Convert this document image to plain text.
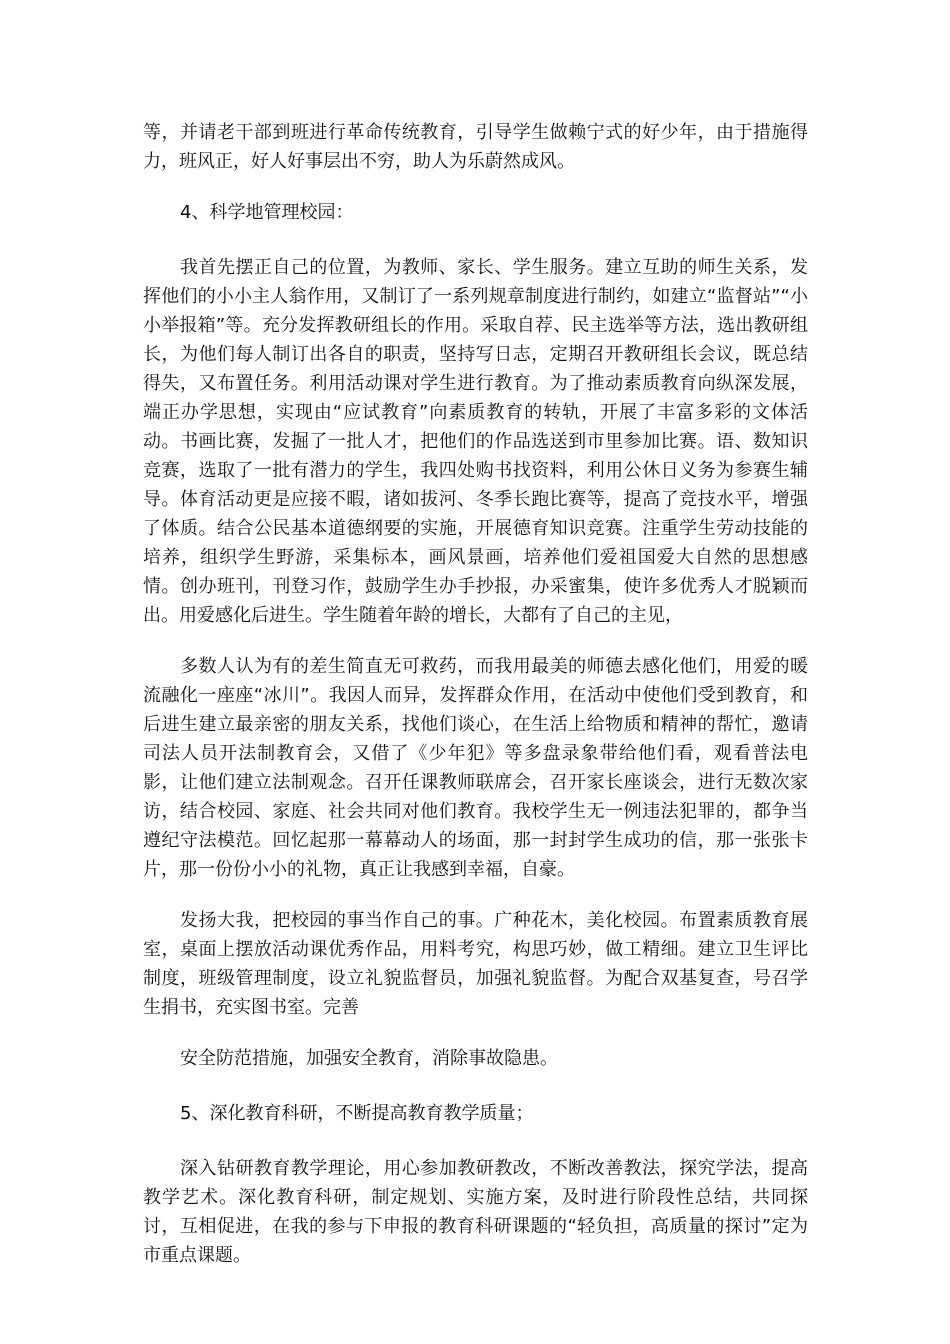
等，并请老干部到班进行革命传统教育，引导学生做赖宁式的好少年，由于措施得力，班风正，好人好事层出不穷，助人为乐蔚然成风。

4、科学地管理校园：

我首先摆正自己的位置，为教师、家长、学生服务。建立互助的师生关系，发挥他们的小小主人翁作用，又制订了一系列规章制度进行制约，如建立“监督站”“小小举报箱”等。充分发挥教研组长的作用。采取自荐、民主选举等方法，选出教研组长，为他们每人制订出各自的职责，坚持写日志，定期召开教研组长会议，既总结得失，又布置任务。利用活动课对学生进行教育。为了推动素质教育向纵深发展，端正办学思想，实现由“应试教育”向素质教育的转轨，开展了丰富多彩的文体活动。书画比赛，发掘了一批人才，把他们的作品选送到市里参加比赛。语、数知识竞赛，选取了一批有潜力的学生，我四处购书找资料，利用公休日义务为参赛生辅导。体育活动更是应接不暇，诸如拔河、冬季长跑比赛等，提高了竞技水平，增强了体质。结合公民基本道德纲要的实施，开展德育知识竞赛。注重学生劳动技能的培养，组织学生野游，采集标本，画风景画，培养他们爱祖国爱大自然的思想感情。创办班刊，刊登习作，鼓励学生办手抄报，办采蜜集，使许多优秀人才脱颖而出。用爱感化后进生。学生随着年龄的增长，大都有了自己的主见，

多数人认为有的差生简直无可救药，而我用最美的师德去感化他们，用爱的暖流融化一座座“冰川”。我因人而异，发挥群众作用，在活动中使他们受到教育，和后进生建立最亲密的朋友关系，找他们谈心，在生活上给物质和精神的帮忙，邀请司法人员开法制教育会，又借了《少年犯》等多盘录象带给他们看，观看普法电影，让他们建立法制观念。召开任课教师联席会，召开家长座谈会，进行无数次家访，结合校园、家庭、社会共同对他们教育。我校学生无一例违法犯罪的，都争当遵纪守法模范。回忆起那一幕幕动人的场面，那一封封学生成功的信，那一张张卡片，那一份份小小的礼物，真正让我感到幸福，自豪。

发扬大我，把校园的事当作自己的事。广种花木，美化校园。布置素质教育展室，桌面上摆放活动课优秀作品，用料考究，构思巧妙，做工精细。建立卫生评比制度，班级管理制度，设立礼貌监督员，加强礼貌监督。为配合双基复查，号召学生捐书，充实图书室。完善

安全防范措施，加强安全教育，消除事故隐患。

5、深化教育科研，不断提高教育教学质量；

深入钻研教育教学理论，用心参加教研教改，不断改善教法，探究学法，提高教学艺术。深化教育科研，制定规划、实施方案，及时进行阶段性总结，共同探讨，互相促进，在我的参与下申报的教育科研课题的“轻负担，高质量的探讨”定为市重点课题。
